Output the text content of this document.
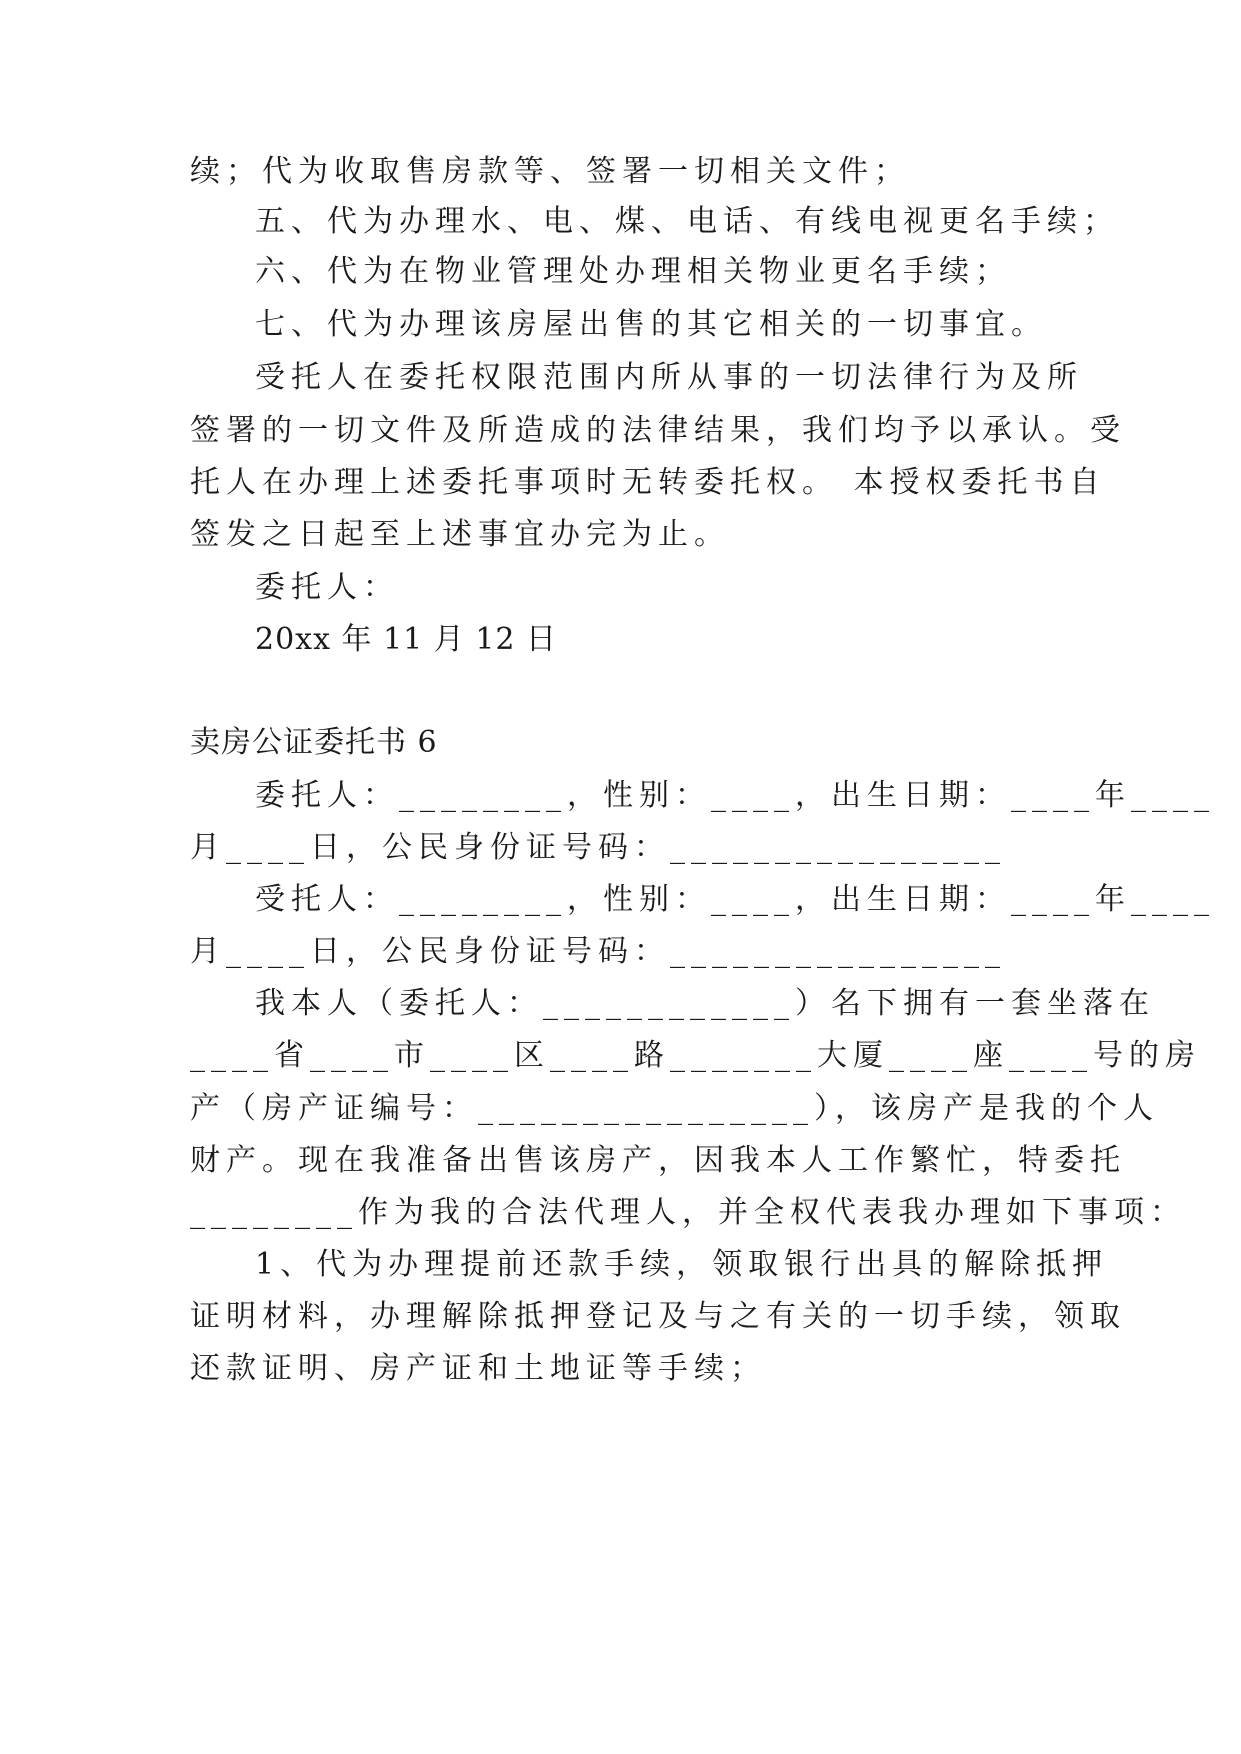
续；代为收取售房款等、签署一切相关文件；
五、代为办理水、电、煤、电话、有线电视更名手续；
六、代为在物业管理处办理相关物业更名手续；
七、代为办理该房屋出售的其它相关的一切事宜。
受托人在委托权限范围内所从事的一切法律行为及所
签署的一切文件及所造成的法律结果，我们均予以承认。受
托人在办理上述委托事项时无转委托权。 本授权委托书自
签发之日起至上述事宜办完为止。
委托人：
20xx 年 11 月 12 日
卖房公证委托书 6
委托人：________，性别：____，出生日期：____年____
月____日，公民身份证号码：________________
受托人：________，性别：____，出生日期：____年____
月____日，公民身份证号码：________________
我本人（委托人：____________）名下拥有一套坐落在
____省____市____区____路_______大厦____座____号的房
产（房产证编号：________________），该房产是我的个人
财产。现在我准备出售该房产，因我本人工作繁忙，特委托
________作为我的合法代理人，并全权代表我办理如下事项：
1、代为办理提前还款手续，领取银行出具的解除抵押
证明材料，办理解除抵押登记及与之有关的一切手续，领取
还款证明、房产证和土地证等手续；
